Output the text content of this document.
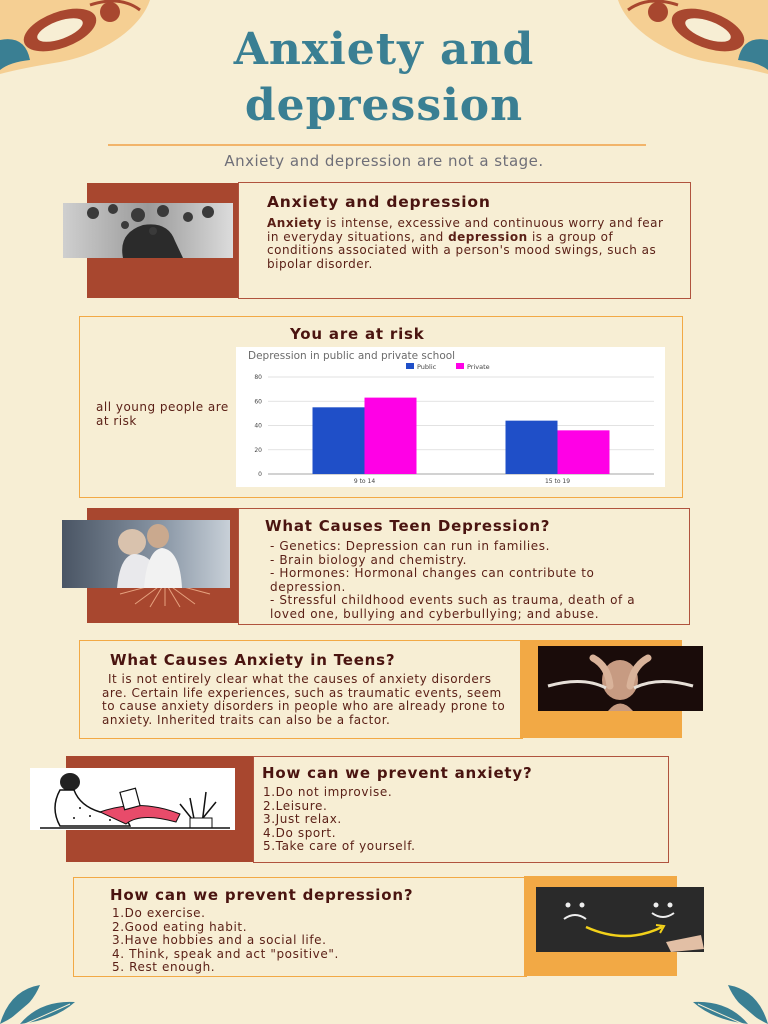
Anxiety and
depression
Anxiety and depression are not a stage.
Anxiety and depression
Anxiety is intense, excessive and continuous worry and fear in everyday situations, and depression is a group of conditions associated with a person's mood swings, such as bipolar disorder.
You are at risk
all young people are at risk
Depression in public and private school
Public	Private
0
20
40
60
80
9 to 14	15 to 19
What Causes Teen Depression?
- Genetics: Depression can run in families.
- Brain biology and chemistry.
- Hormones: Hormonal changes can contribute to depression.
- Stressful childhood events such as trauma, death of a loved one, bullying and cyberbullying; and abuse.
What Causes Anxiety in Teens?
It is not entirely clear what the causes of anxiety disorders are. Certain life experiences, such as traumatic events, seem to cause anxiety disorders in people who are already prone to anxiety. Inherited traits can also be a factor.
How can we prevent anxiety?
1.Do not improvise.
2.Leisure.
3.Just relax.
4.Do sport.
5.Take care of yourself.
How can we prevent depression?
1.Do exercise.
2.Good eating habit.
3.Have hobbies and a social life.
4. Think, speak and act "positive".
5. Rest enough.
